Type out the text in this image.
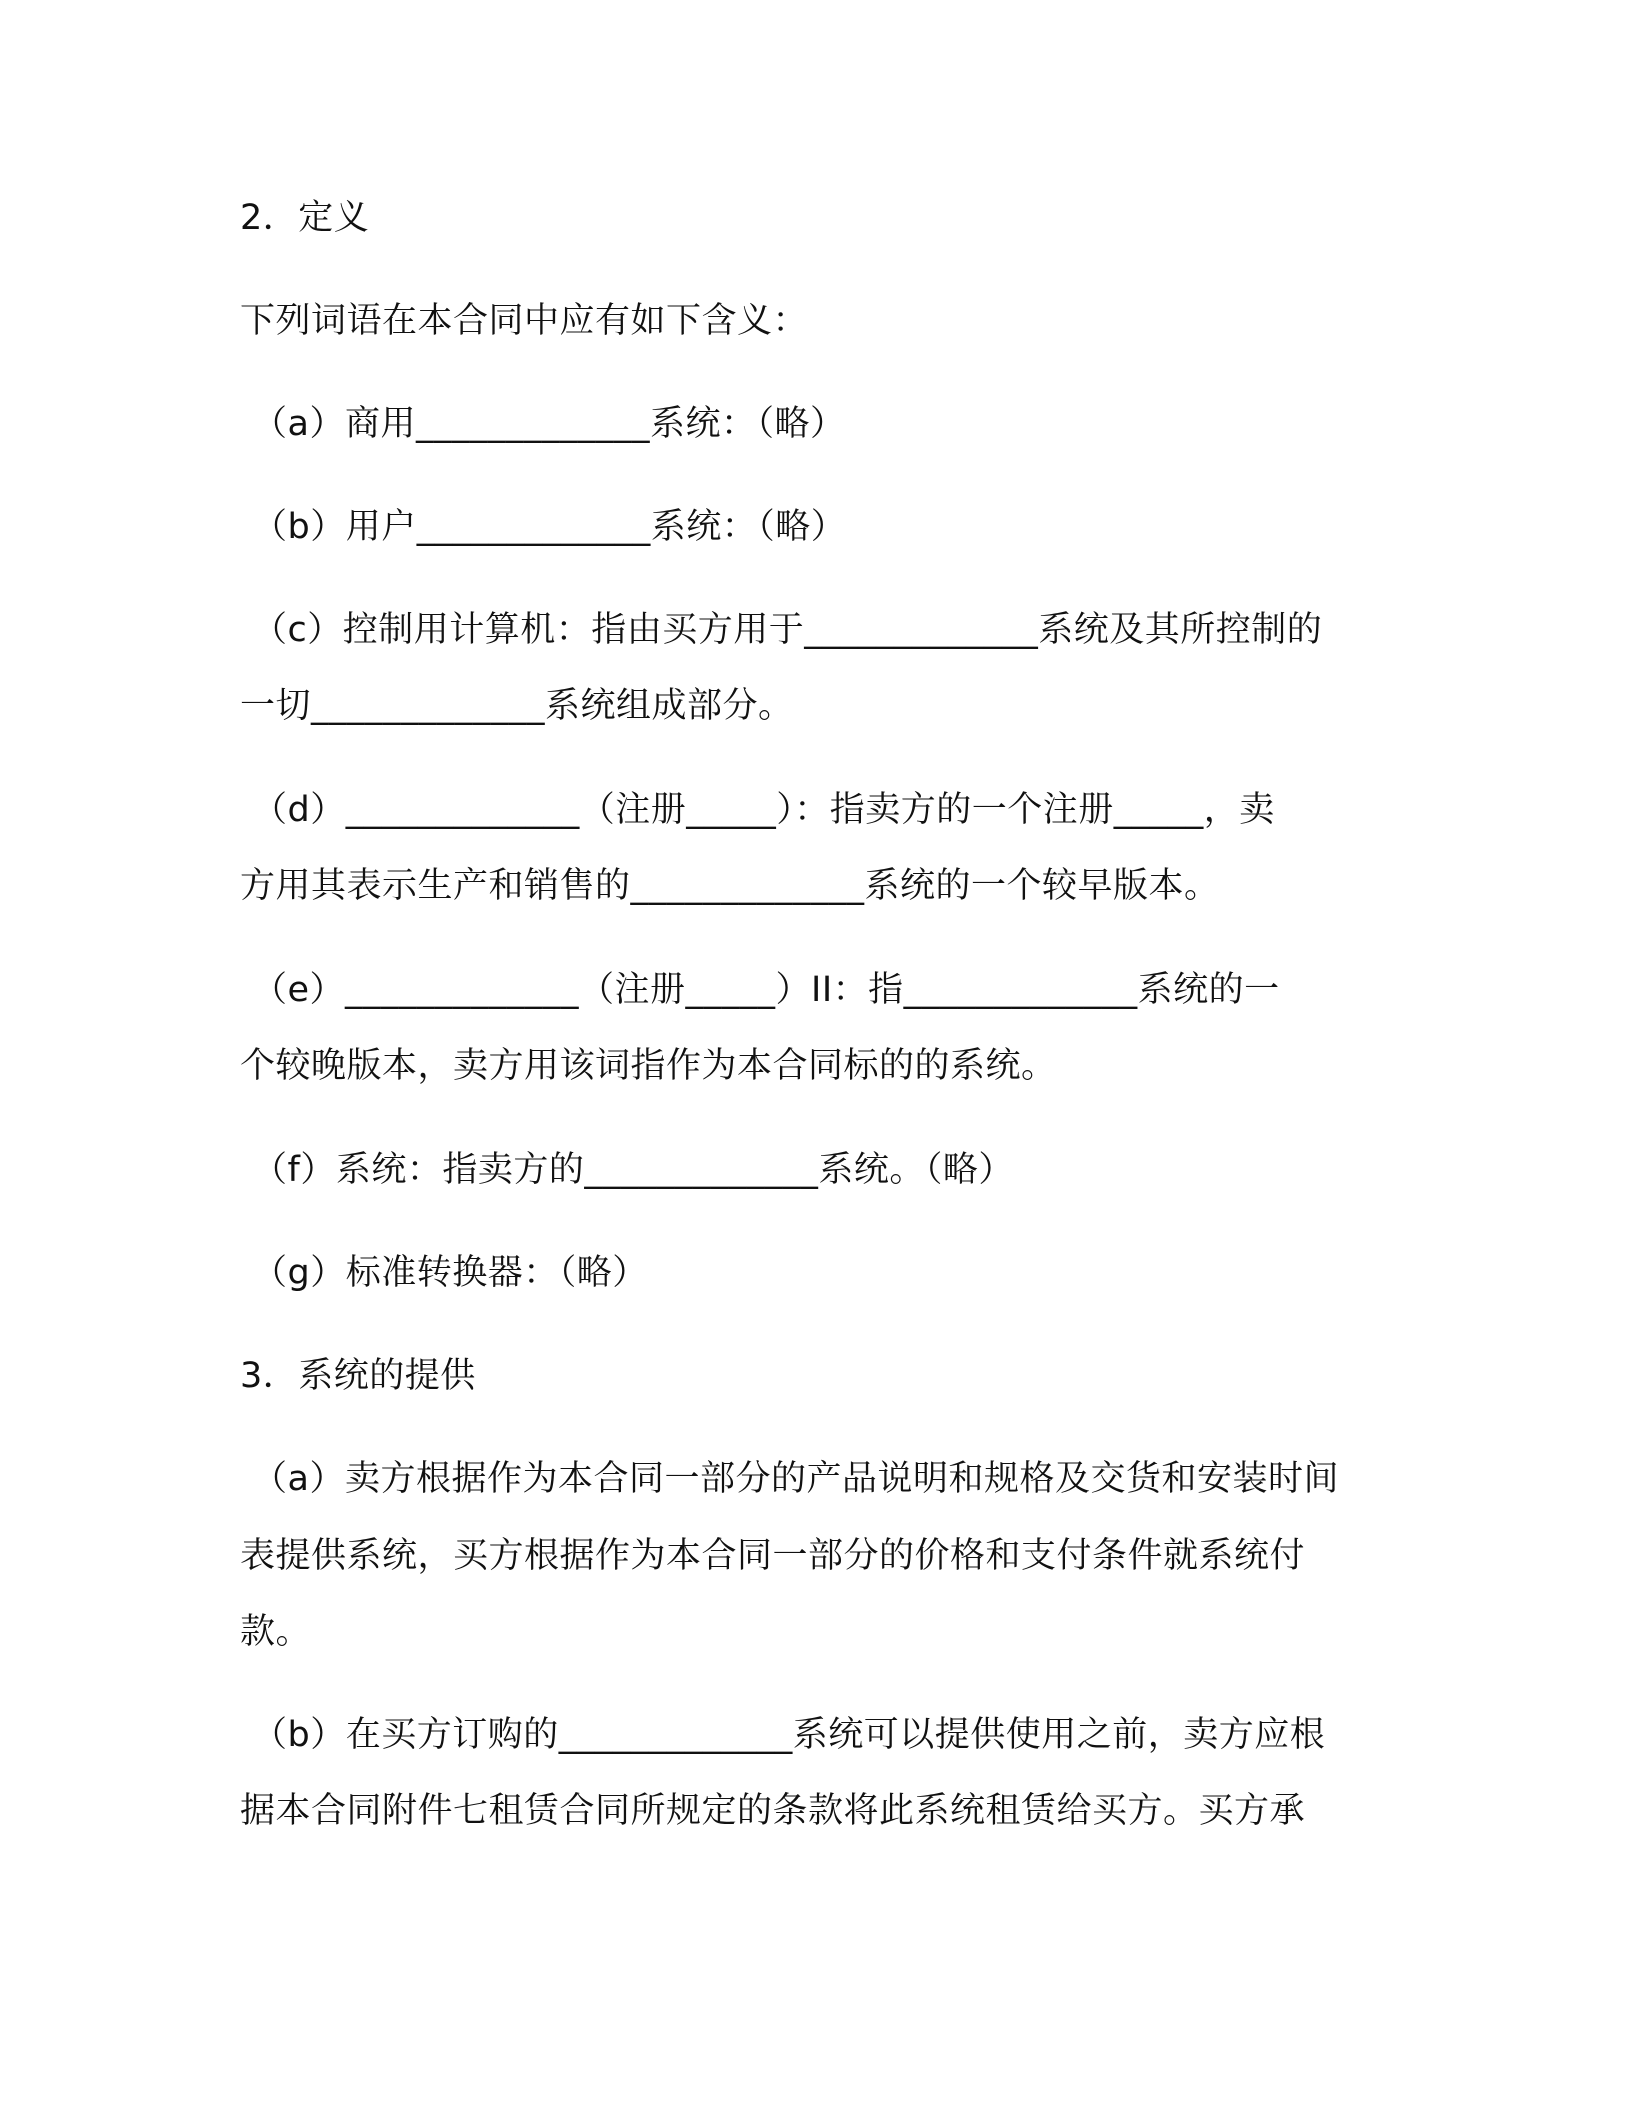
2．定义
下列词语在本合同中应有如下含义：
（a）商用_____________系统：（略）
（b）用户_____________系统：（略）
（c）控制用计算机：指由买方用于_____________系统及其所控制的
一切_____________系统组成部分。
（d）_____________（注册_____）：指卖方的一个注册_____，卖
方用其表示生产和销售的_____________系统的一个较早版本。
（e）_____________（注册_____）II：指_____________系统的一
个较晚版本，卖方用该词指作为本合同标的的系统。
（f）系统：指卖方的_____________系统。（略）
（g）标准转换器：（略）
3．系统的提供
（a）卖方根据作为本合同一部分的产品说明和规格及交货和安装时间
表提供系统，买方根据作为本合同一部分的价格和支付条件就系统付
款。
（b）在买方订购的_____________系统可以提供使用之前，卖方应根
据本合同附件七租赁合同所规定的条款将此系统租赁给买方。买方承
